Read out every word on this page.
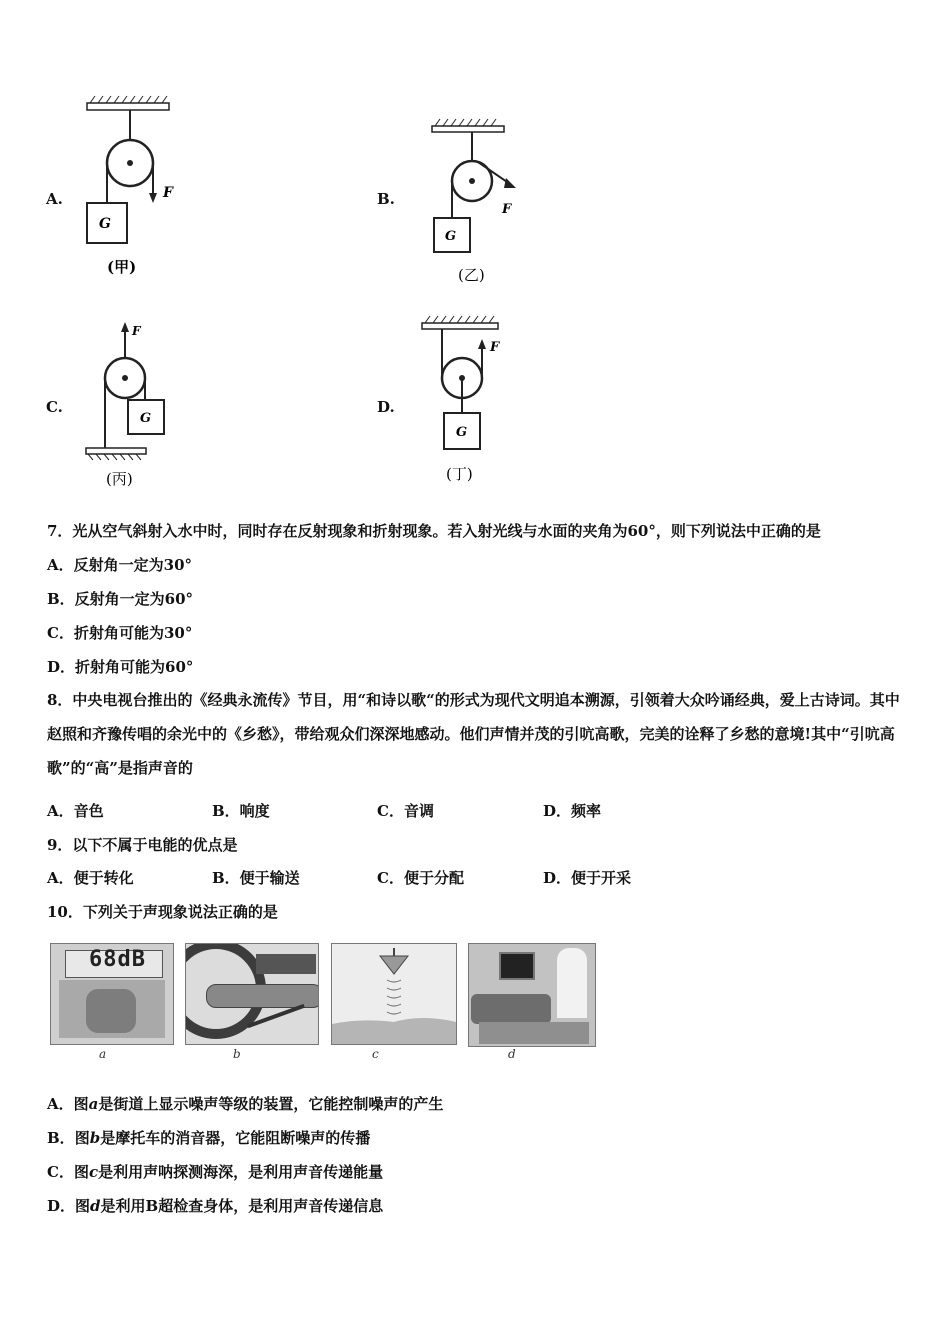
A.
G
F
(甲)
B.
G
F
(乙)
C.
F
G
(丙)
D.
F
G
(丁)
7．光从空气斜射入水中时，同时存在反射现象和折射现象。若入射光线与水面的夹角为60°，则下列说法中正确的是
A．反射角一定为30°
B．反射角一定为60°
C．折射角可能为30°
D．折射角可能为60°
8．中央电视台推出的《经典永流传》节目，用“和诗以歌“的形式为现代文明追本溯源，引领着大众吟诵经典，爱上古诗词。其中赵照和齐豫传唱的余光中的《乡愁》，带给观众们深深地感动。他们声情并茂的引吭高歌，完美的诠释了乡愁的意境!其中“引吭高歌”的“高”是指声音的
A．音色	B．响度	C．音调	D．频率
9．以下不属于电能的优点是
A．便于转化	B．便于输送	C．便于分配	D．便于开采
10．下列关于声现象说法正确的是
68dB
a	b	c	d
A．图a是街道上显示噪声等级的装置，它能控制噪声的产生
B．图b是摩托车的消音器，它能阻断噪声的传播
C．图c是利用声呐探测海深，是利用声音传递能量
D．图d是利用B超检查身体，是利用声音传递信息
